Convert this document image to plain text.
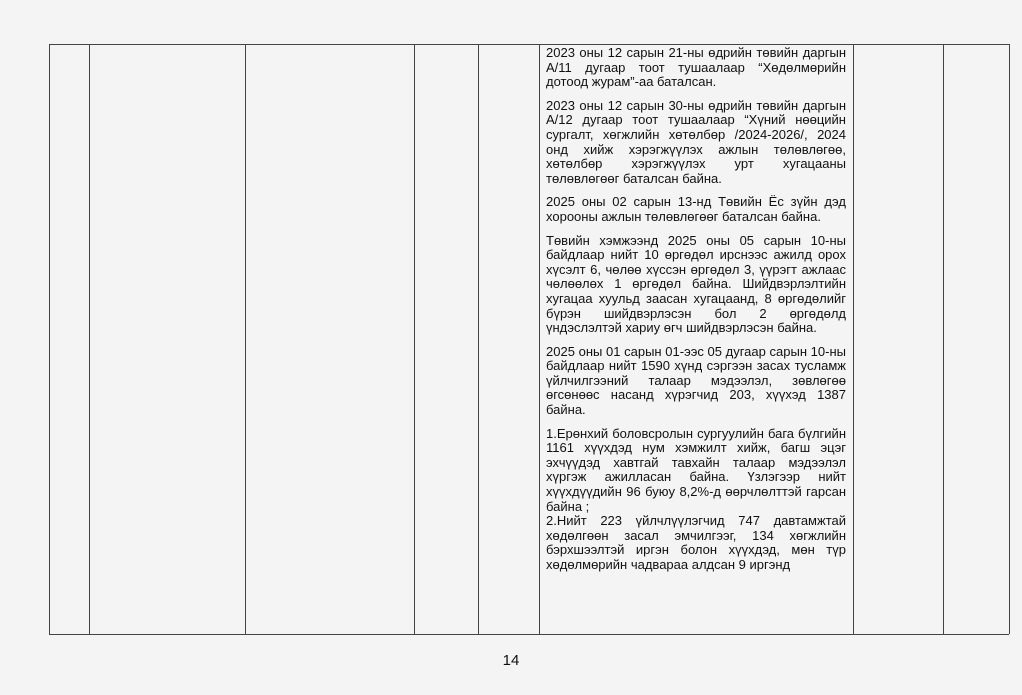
2023 оны 12 сарын 21-ны өдрийн төвийн даргын А/11 дугаар тоот тушаалаар “Хөдөлмөрийн дотоод журам”-аа баталсан.

2023 оны 12 сарын 30-ны өдрийн төвийн даргын А/12 дугаар тоот тушаалаар “Хүний нөөцийн сургалт, хөгжлийн хөтөлбөр /2024-2026/, 2024 онд хийж хэрэгжүүлэх ажлын төлөвлөгөө, хөтөлбөр хэрэгжүүлэх урт хугацааны төлөвлөгөөг баталсан байна.

2025 оны 02 сарын 13-нд Төвийн Ёс зүйн дэд хорооны ажлын төлөвлөгөөг баталсан байна.

Төвийн хэмжээнд 2025 оны 05 сарын 10-ны байдлаар нийт 10 өргөдөл ирснээс ажилд орох хүсэлт 6, чөлөө хүссэн өргөдөл 3, үүрэгт ажлаас чөлөөлөх 1 өргөдөл байна. Шийдвэрлэлтийн хугацаа хуульд заасан хугацаанд, 8 өргөдөлийг бүрэн шийдвэрлэсэн бол 2 өргөдөлд үндэслэлтэй хариу өгч шийдвэрлэсэн байна.

2025 оны 01 сарын 01-ээс 05 дугаар сарын 10-ны байдлаар нийт 1590 хүнд сэргээн засах тусламж үйлчилгээний талаар мэдээлэл, зөвлөгөө өгсөнөөс насанд хүрэгчид 203, хүүхэд 1387 байна.

1.Ерөнхий боловсролын сургуулийн бага бүлгийн 1161 хүүхдэд нум хэмжилт хийж, багш эцэг эхчүүдэд хавтгай тавхайн талаар мэдээлэл хүргэж ажилласан байна. Үзлэгээр нийт хүүхдүүдийн 96 буюу 8,2%-д өөрчлөлттэй гарсан байна ;

2.Нийт 223 үйлчлүүлэгчид 747 давтамжтай хөдөлгөөн засал эмчилгээг, 134 хөгжлийн бэрхшээлтэй иргэн болон хүүхдэд, мөн түр хөдөлмөрийн чадвараа алдсан 9 иргэнд

14
